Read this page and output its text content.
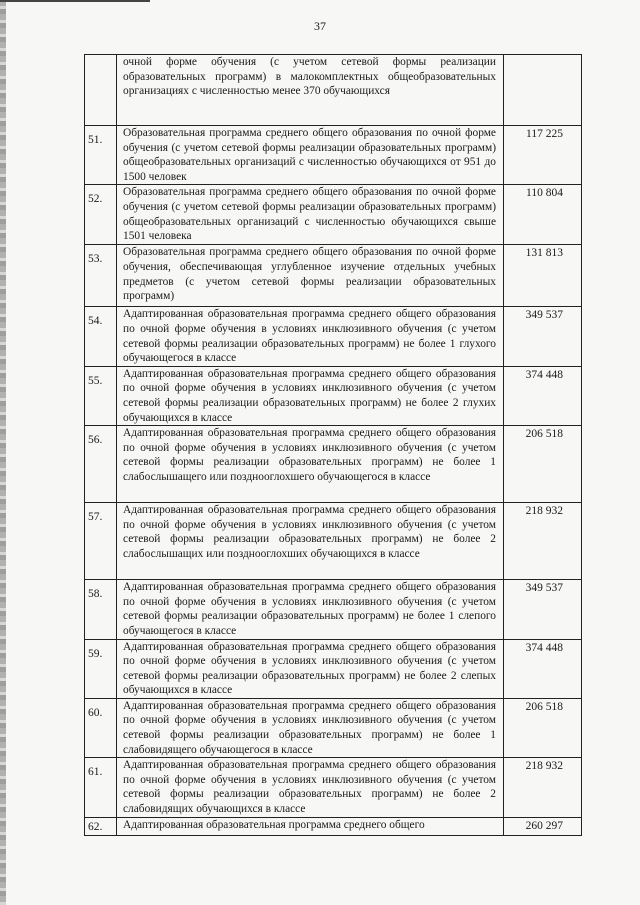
37
	очной форме обучения (с учетом сетевой формы реализации образовательных программ) в малокомплектных общеобразовательных организациях с численностью менее 370 обучающихся	
51.	Образовательная программа среднего общего образования по очной форме обучения (с учетом сетевой формы реализации образовательных программ) общеобразовательных организаций с численностью обучающихся от 951 до 1500 человек	117 225
52.	Образовательная программа среднего общего образования по очной форме обучения (с учетом сетевой формы реализации образовательных программ) общеобразовательных организаций с численностью обучающихся свыше 1501 человека	110 804
53.	Образовательная программа среднего общего образования по очной форме обучения, обеспечивающая углубленное изучение отдельных учебных предметов (с учетом сетевой формы реализации образовательных программ)	131 813
54.	Адаптированная образовательная программа среднего общего образования по очной форме обучения в условиях инклюзивного обучения (с учетом сетевой формы реализации образовательных программ) не более 1 глухого обучающегося в классе	349 537
55.	Адаптированная образовательная программа среднего общего образования по очной форме обучения в условиях инклюзивного обучения (с учетом сетевой формы реализации образовательных программ) не более 2 глухих обучающихся в классе	374 448
56.	Адаптированная образовательная программа среднего общего образования по очной форме обучения в условиях инклюзивного обучения (с учетом сетевой формы реализации образовательных программ) не более 1 слабослышащего или позднооглохшего обучающегося в классе	206 518
57.	Адаптированная образовательная программа среднего общего образования по очной форме обучения в условиях инклюзивного обучения (с учетом сетевой формы реализации образовательных программ) не более 2 слабослышащих или позднооглохших обучающихся в классе	218 932
58.	Адаптированная образовательная программа среднего общего образования по очной форме обучения в условиях инклюзивного обучения (с учетом сетевой формы реализации образовательных программ) не более 1 слепого обучающегося в классе	349 537
59.	Адаптированная образовательная программа среднего общего образования по очной форме обучения в условиях инклюзивного обучения (с учетом сетевой формы реализации образовательных программ) не более 2 слепых обучающихся в классе	374 448
60.	Адаптированная образовательная программа среднего общего образования по очной форме обучения в условиях инклюзивного обучения (с учетом сетевой формы реализации образовательных программ) не более 1 слабовидящего обучающегося в классе	206 518
61.	Адаптированная образовательная программа среднего общего образования по очной форме обучения в условиях инклюзивного обучения (с учетом сетевой формы реализации образовательных программ) не более 2 слабовидящих обучающихся в классе	218 932
62.	Адаптированная образовательная программа среднего общего	260 297
